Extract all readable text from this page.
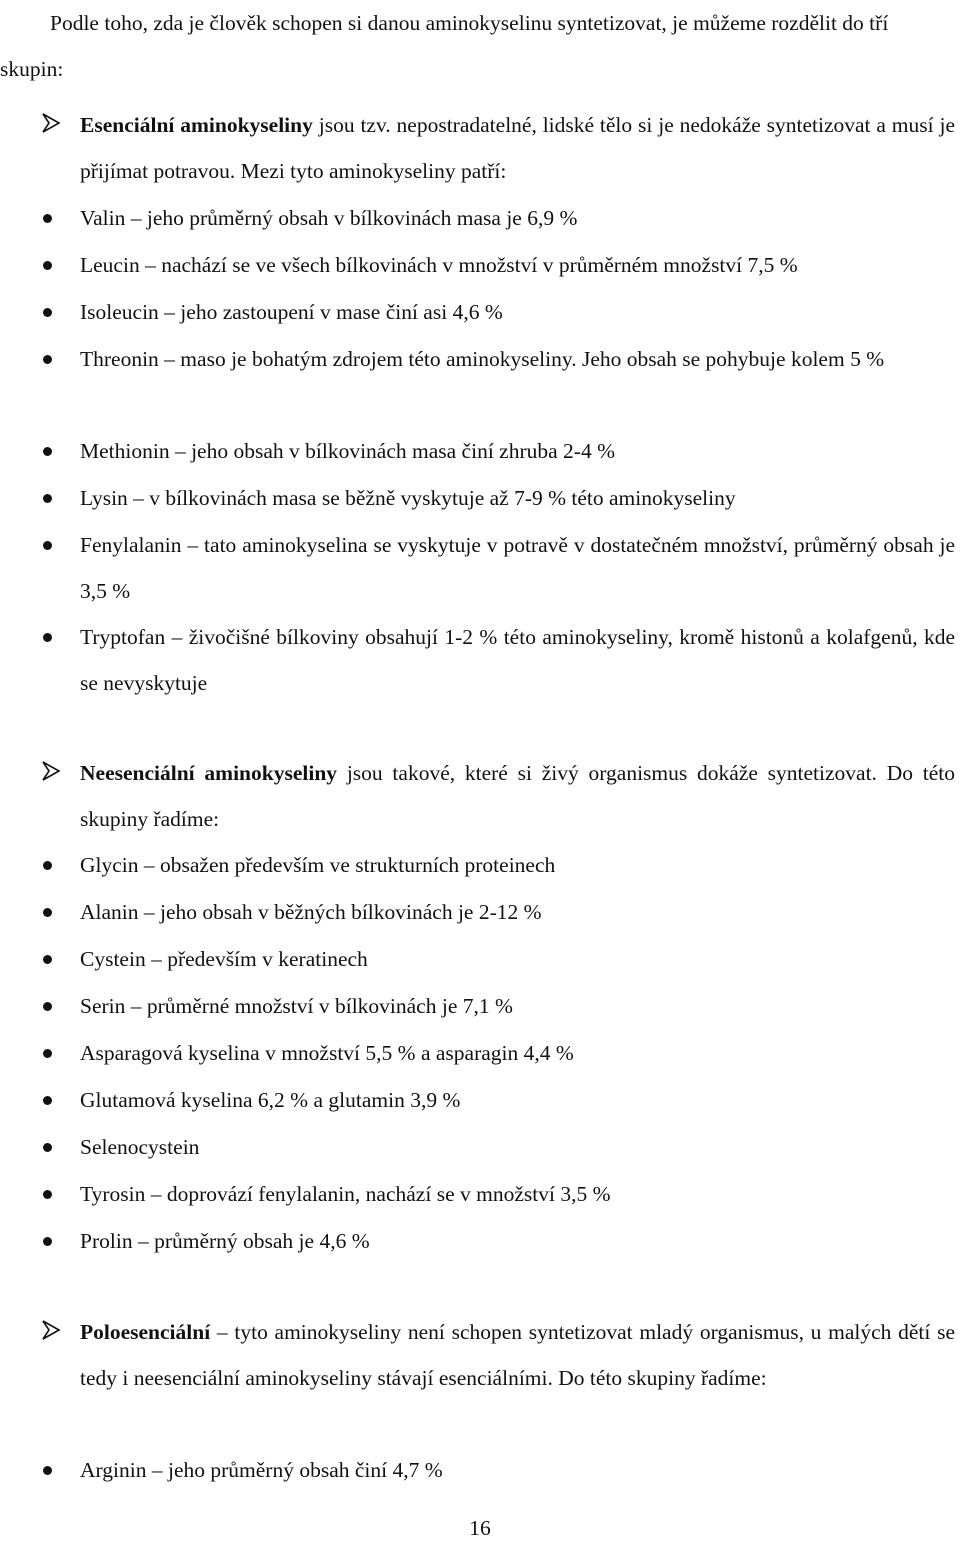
Podle toho, zda je člověk schopen si danou aminokyselinu syntetizovat, je můžeme rozdělit do tří skupin:

Esenciální aminokyseliny jsou tzv. nepostradatelné, lidské tělo si je nedokáže syntetizovat a musí je přijímat potravou. Mezi tyto aminokyseliny patří:

Valin – jeho průměrný obsah v bílkovinách masa je 6,9 %

Leucin – nachází se ve všech bílkovinách v množství v průměrném množství 7,5 %

Isoleucin – jeho zastoupení v mase činí asi 4,6 %

Threonin – maso je bohatým zdrojem této aminokyseliny. Jeho obsah se pohybuje kolem 5 %

Methionin – jeho obsah v bílkovinách masa činí zhruba 2-4 %

Lysin – v bílkovinách masa se běžně vyskytuje až 7-9 % této aminokyseliny

Fenylalanin – tato aminokyselina se vyskytuje v potravě v dostatečném množství, průměrný obsah je 3,5 %

Tryptofan – živočišné bílkoviny obsahují 1-2 % této aminokyseliny, kromě histonů a kolafgenů, kde se nevyskytuje

Neesenciální aminokyseliny jsou takové, které si živý organismus dokáže syntetizovat. Do této skupiny řadíme:

Glycin – obsažen především ve strukturních proteinech

Alanin – jeho obsah v běžných bílkovinách je 2-12 %

Cystein – především v keratinech

Serin – průměrné množství v bílkovinách je 7,1 %

Asparagová kyselina v množství 5,5 % a asparagin 4,4 %

Glutamová kyselina 6,2 % a glutamin 3,9 %

Selenocystein

Tyrosin – doprovází fenylalanin, nachází se v množství 3,5 %

Prolin – průměrný obsah je 4,6 %

Poloesenciální – tyto aminokyseliny není schopen syntetizovat mladý organismus, u malých dětí se tedy i neesenciální aminokyseliny stávají esenciálními. Do této skupiny řadíme:

Arginin – jeho průměrný obsah činí 4,7 %

16
